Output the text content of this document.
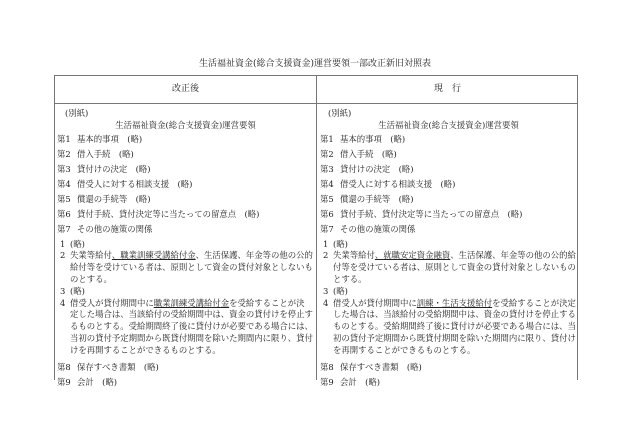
生活福祉資金(総合支援資金)運営要領一部改正新旧対照表
改正後	現　行
(別紙)
生活福祉資金(総合支援資金)運営要領
第1 基本的事項　(略)
第2 借入手続　(略)
第3 貸付けの決定　(略)
第4 借受人に対する相談支援　(略)
第5 償還の手続等　(略)
第6 貸付手続、貸付決定等に当たっての留意点　(略)
第7 その他の施策の関係
1 (略)
2 失業等給付、職業訓練受講給付金、生活保護、年金等の他の公的
給付等を受けている者は、原則として資金の貸付対象としないも
のとする。
3 (略)
4 借受人が貸付期間中に職業訓練受講給付金を受給することが決
定した場合は、当該給付の受給期間中は、資金の貸付けを停止す
るものとする。受給期間終了後に貸付けが必要である場合には、
当初の貸付予定期間から既貸付期間を除いた期間内に限り、貸付
けを再開することができるものとする。
第8 保存すべき書類　(略)
第9 会計　(略)
(別紙)
生活福祉資金(総合支援資金)運営要領
第1 基本的事項　(略)
第2 借入手続　(略)
第3 貸付けの決定　(略)
第4 借受人に対する相談支援　(略)
第5 償還の手続等　(略)
第6 貸付手続、貸付決定等に当たっての留意点　(略)
第7 その他の施策の関係
1 (略)
2 失業等給付、就職安定資金融資、生活保護、年金等の他の公的給
付等を受けている者は、原則として資金の貸付対象としないもの
とする。
3 (略)
4 借受人が貸付期間中に訓練・生活支援給付を受給することが決定
した場合は、当該給付の受給期間中は、資金の貸付けを停止する
ものとする。受給期間終了後に貸付けが必要である場合には、当
初の貸付予定期間から既貸付期間を除いた期間内に限り、貸付け
を再開することができるものとする。
第8 保存すべき書類　(略)
第9 会計　(略)
